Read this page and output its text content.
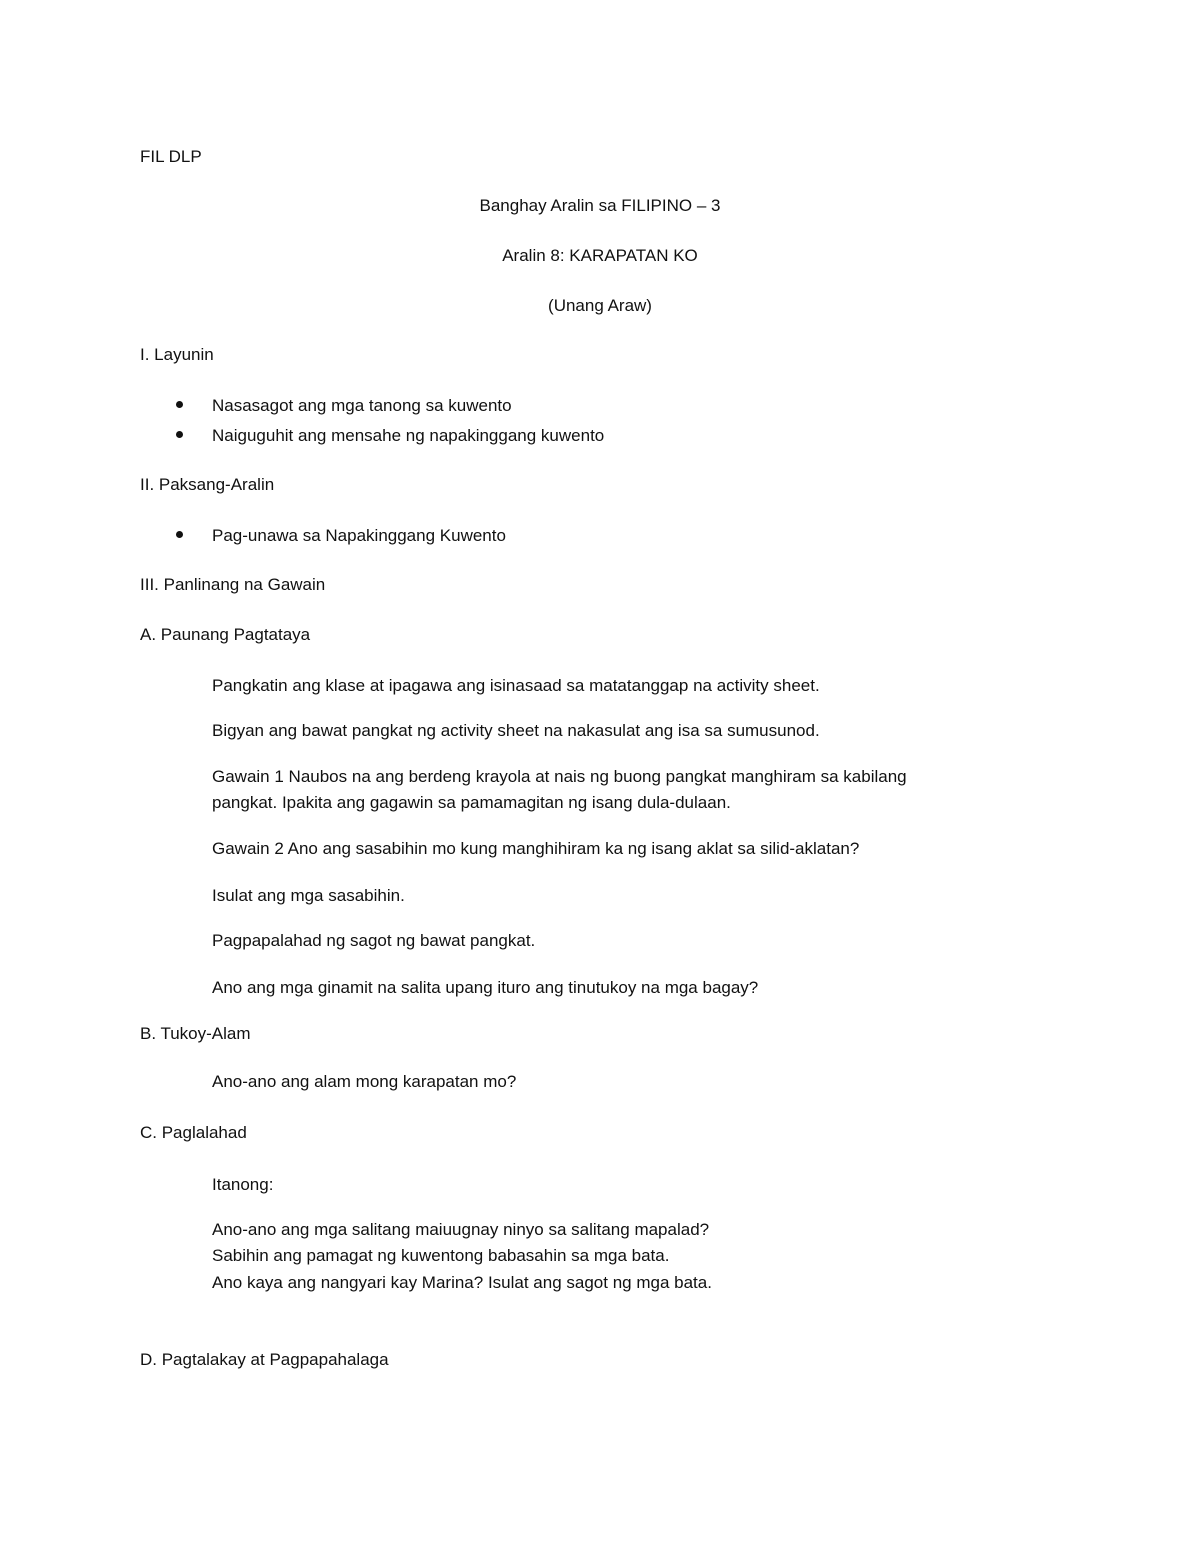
FIL DLP
Banghay Aralin sa FILIPINO – 3
Aralin 8: KARAPATAN KO
(Unang Araw)
I. Layunin
Nasasagot ang mga tanong sa kuwento
Naiguguhit ang mensahe ng napakinggang kuwento
II. Paksang-Aralin
Pag-unawa sa Napakinggang Kuwento
III. Panlinang na Gawain
A. Paunang Pagtataya
Pangkatin ang klase at ipagawa ang isinasaad sa matatanggap na activity sheet.
Bigyan ang bawat pangkat ng activity sheet na nakasulat ang isa sa sumusunod.
Gawain 1 Naubos na ang berdeng krayola at nais ng buong pangkat manghiram sa kabilang
pangkat. Ipakita ang gagawin sa pamamagitan ng isang dula-dulaan.
Gawain 2 Ano ang sasabihin mo kung manghihiram ka ng isang aklat sa silid-aklatan?
Isulat ang mga sasabihin.
Pagpapalahad ng sagot ng bawat pangkat.
Ano ang mga ginamit na salita upang ituro ang tinutukoy na mga bagay?
B. Tukoy-Alam
Ano-ano ang alam mong karapatan mo?
C. Paglalahad
Itanong:
Ano-ano ang mga salitang maiuugnay ninyo sa salitang mapalad?
Sabihin ang pamagat ng kuwentong babasahin sa mga bata.
Ano kaya ang nangyari kay Marina? Isulat ang sagot ng mga bata.
D. Pagtalakay at Pagpapahalaga
